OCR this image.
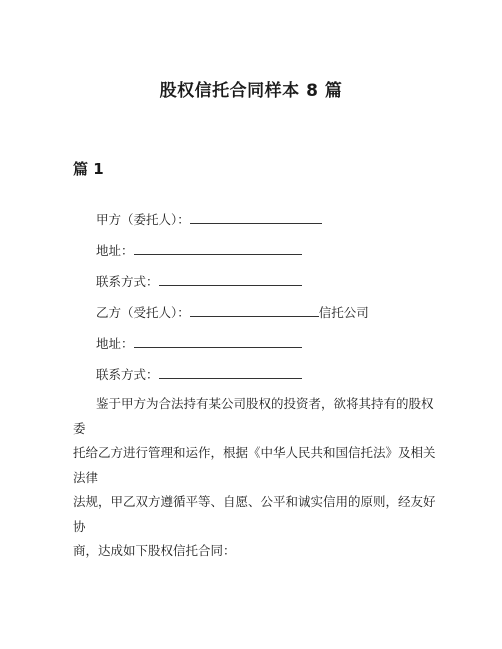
股权信托合同样本 8 篇
篇 1
甲方（委托人）：
地址：
联系方式：
乙方（受托人）：	信托公司
地址：
联系方式：

鉴于甲方为合法持有某公司股权的投资者，欲将其持有的股权委

托给乙方进行管理和运作，根据《中华人民共和国信托法》及相关法律

法规，甲乙双方遵循平等、自愿、公平和诚实信用的原则，经友好协

商，达成如下股权信托合同：
